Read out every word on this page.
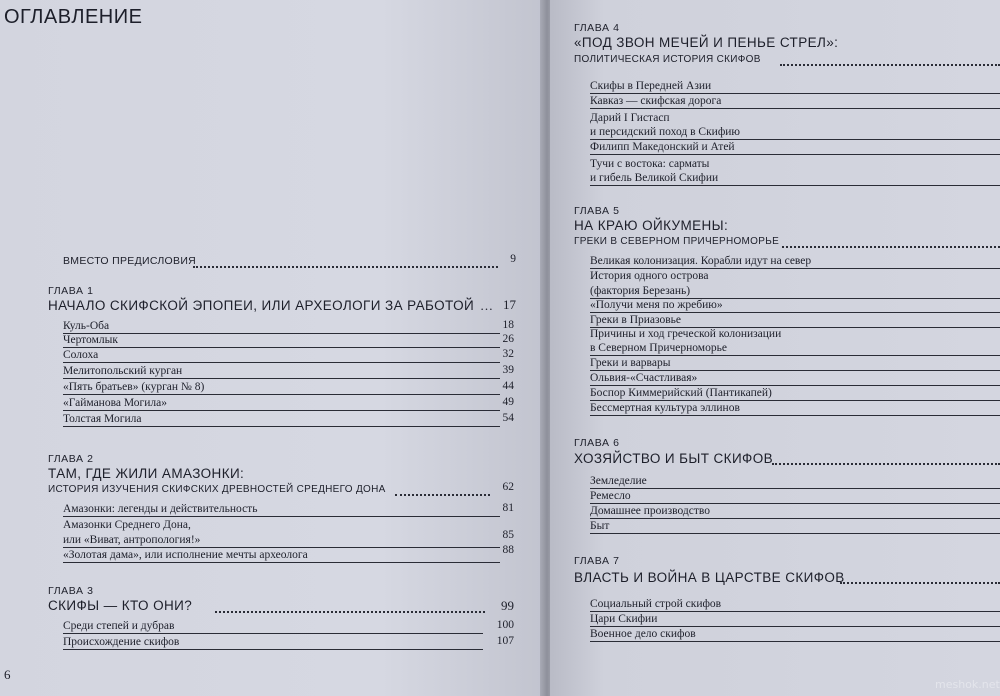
ОГЛАВЛЕНИЕ
ВМЕСТО ПРЕДИСЛОВИЯ	9
ГЛАВА 1
НАЧАЛО СКИФСКОЙ ЭПОПЕИ, ИЛИ АРХЕОЛОГИ ЗА РАБОТОЙ	17
…
Куль-Оба	18
Чертомлык	26
Солоха	32
Мелитопольский курган	39
«Пять братьев» (курган № 8)	44
«Гайманова Могила»	49
Толстая Могила	54
ГЛАВА 2
ТАМ, ГДЕ ЖИЛИ АМАЗОНКИ:
ИСТОРИЯ ИЗУЧЕНИЯ СКИФСКИХ ДРЕВНОСТЕЙ СРЕДНЕГО ДОНА	62
Амазонки: легенды и действительность	81
Амазонки Среднего Дона,
или «Виват, антропология!»	85
«Золотая дама», или исполнение мечты археолога	88
ГЛАВА 3
СКИФЫ — КТО ОНИ?	99
Среди степей и дубрав	100
Происхождение скифов	107
6
ГЛАВА 4
«ПОД ЗВОН МЕЧЕЙ И ПЕНЬЕ СТРЕЛ»:
ПОЛИТИЧЕСКАЯ ИСТОРИЯ СКИФОВ
Скифы в Передней Азии
Кавказ — скифская дорога
Дарий I Гистасп
и персидский поход в Скифию
Филипп Македонский и Атей
Тучи с востока: сарматы
и гибель Великой Скифии
ГЛАВА 5
НА КРАЮ ОЙКУМЕНЫ:
ГРЕКИ В СЕВЕРНОМ ПРИЧЕРНОМОРЬЕ
Великая колонизация. Корабли идут на север
История одного острова
(фактория Березань)
«Получи меня по жребию»
Греки в Приазовье
Причины и ход греческой колонизации
в Северном Причерноморье
Греки и варвары
Ольвия-«Счастливая»
Боспор Киммерийский (Пантикапей)
Бессмертная культура эллинов
ГЛАВА 6
ХОЗЯЙСТВО И БЫТ СКИФОВ
Земледелие
Ремесло
Домашнее производство
Быт
ГЛАВА 7
ВЛАСТЬ И ВОЙНА В ЦАРСТВЕ СКИФОВ
Социальный строй скифов
Цари Скифии
Военное дело скифов
meshok.net
